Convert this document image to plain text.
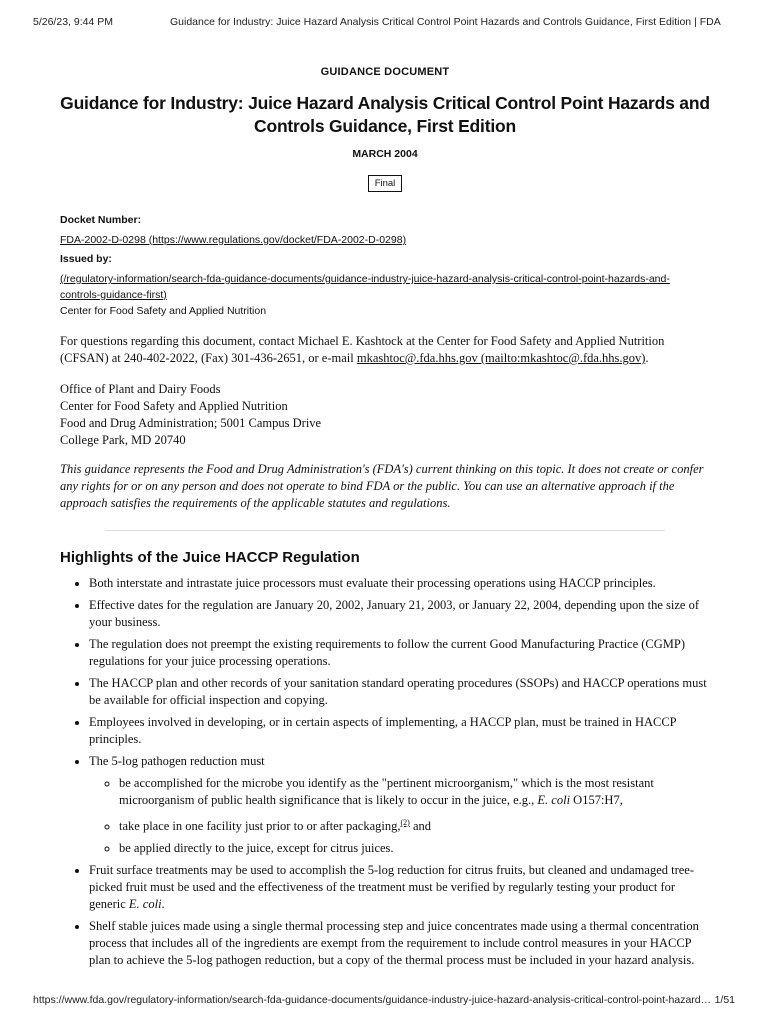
5/26/23, 9:44 PM	Guidance for Industry: Juice Hazard Analysis Critical Control Point Hazards and Controls Guidance, First Edition | FDA

GUIDANCE DOCUMENT

Guidance for Industry: Juice Hazard Analysis Critical Control Point Hazards and Controls Guidance, First Edition

MARCH 2004

Final

Docket Number:

FDA-2002-D-0298 (https://www.regulations.gov/docket/FDA-2002-D-0298)

Issued by:

(/regulatory-information/search-fda-guidance-documents/guidance-industry-juice-hazard-analysis-critical-control-point-hazards-and-
controls-guidance-first)

Center for Food Safety and Applied Nutrition

For questions regarding this document, contact Michael E. Kashtock at the Center for Food Safety and Applied Nutrition (CFSAN) at 240-402-2022, (Fax) 301-436-2651, or e-mail mkashtoc@.fda.hhs.gov (mailto:mkashtoc@.fda.hhs.gov).

Office of Plant and Dairy Foods
Center for Food Safety and Applied Nutrition
Food and Drug Administration; 5001 Campus Drive
College Park, MD 20740

This guidance represents the Food and Drug Administration's (FDA's) current thinking on this topic. It does not create or confer any rights for or on any person and does not operate to bind FDA or the public. You can use an alternative approach if the approach satisfies the requirements of the applicable statutes and regulations.

Highlights of the Juice HACCP Regulation
• Both interstate and intrastate juice processors must evaluate their processing operations using HACCP principles.
• Effective dates for the regulation are January 20, 2002, January 21, 2003, or January 22, 2004, depending upon the size of your business.
• The regulation does not preempt the existing requirements to follow the current Good Manufacturing Practice (CGMP) regulations for your juice processing operations.
• The HACCP plan and other records of your sanitation standard operating procedures (SSOPs) and HACCP operations must be available for official inspection and copying.
• Employees involved in developing, or in certain aspects of implementing, a HACCP plan, must be trained in HACCP principles.
• The 5-log pathogen reduction must
◦ be accomplished for the microbe you identify as the "pertinent microorganism," which is the most resistant microorganism of public health significance that is likely to occur in the juice, e.g., E. coli O157:H7,
◦ take place in one facility just prior to or after packaging,$^{(2)}$ and
◦ be applied directly to the juice, except for citrus juices.
• Fruit surface treatments may be used to accomplish the 5-log reduction for citrus fruits, but cleaned and undamaged tree-picked fruit must be used and the effectiveness of the treatment must be verified by regularly testing your product for generic E. coli.
• Shelf stable juices made using a single thermal processing step and juice concentrates made using a thermal concentration process that includes all of the ingredients are exempt from the requirement to include control measures in your HACCP plan to achieve the 5-log pathogen reduction, but a copy of the thermal process must be included in your hazard analysis.
https://www.fda.gov/regulatory-information/search-fda-guidance-documents/guidance-industry-juice-hazard-analysis-critical-control-point-hazard… 1/51
